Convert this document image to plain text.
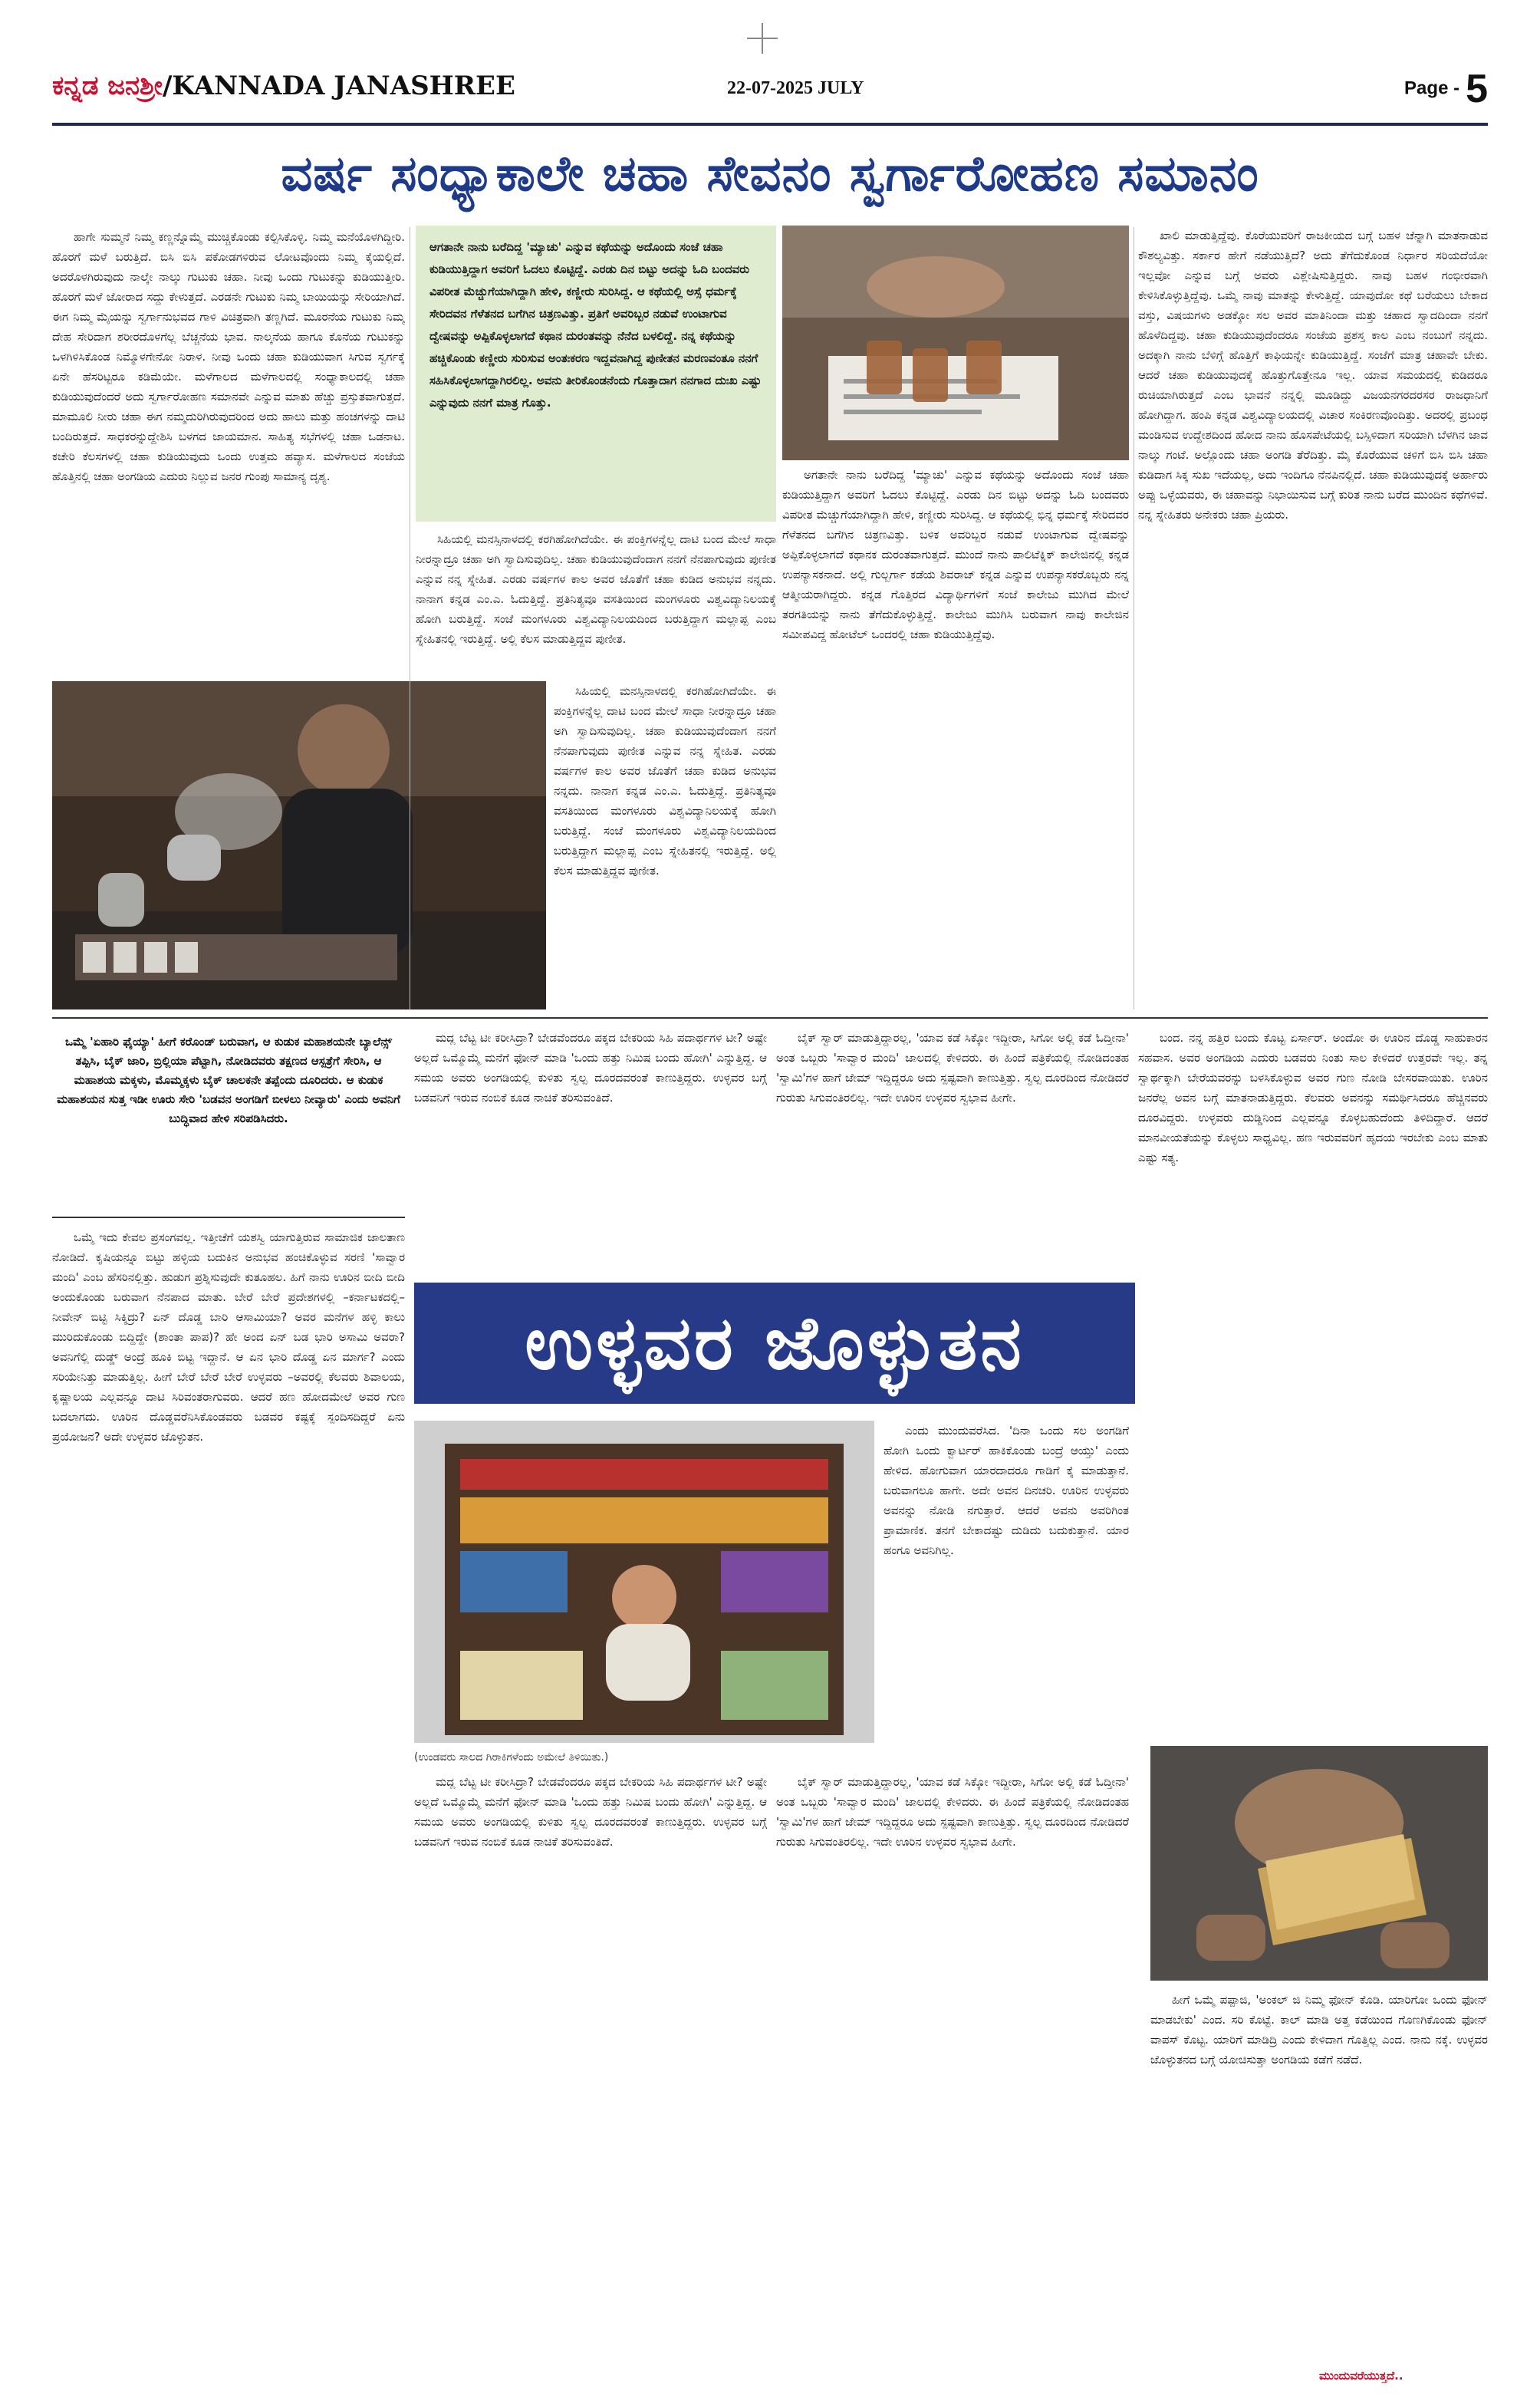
ಕನ್ನಡ ಜನಶ್ರೀ/KANNADA JANASHREE	22-07-2025 JULY	Page - 5
ವರ್ಷ ಸಂಧ್ಯಾಕಾಲೇ ಚಹಾ ಸೇವನಂ ಸ್ವರ್ಗಾರೋಹಣ ಸಮಾನಂ

ಹಾಗೇ ಸುಮ್ಮನೆ ನಿಮ್ಮ ಕಣ್ಣನ್ನೊಮ್ಮೆ ಮುಚ್ಚಿಕೊಂಡು ಕಲ್ಪಿಸಿಕೊಳ್ಳಿ. ನಿಮ್ಮ ಮನೆಯೊಳಗಿದ್ದೀರಿ. ಹೊರಗೆ ಮಳೆ ಬರುತ್ತಿದೆ. ಬಿಸಿ ಬಿಸಿ ಪಕೋಡಗಳಿರುವ ಲೋಟವೊಂದು ನಿಮ್ಮ ಕೈಯಲ್ಲಿದೆ. ಅದರೊಳಗಿರುವುದು ನಾಲ್ಕೇ ನಾಲ್ಕು ಗುಟುಕು ಚಹಾ. ನೀವು ಒಂದು ಗುಟುಕನ್ನು ಕುಡಿಯುತ್ತೀರಿ. ಹೊರಗೆ ಮಳೆ ಜೋರಾದ ಸದ್ದು ಕೇಳುತ್ತದೆ. ಎರಡನೇ ಗುಟುಕು ನಿಮ್ಮ ಬಾಯಿಯನ್ನು ಸೇರಿಯಾಗಿದೆ. ಈಗ ನಿಮ್ಮ ಮೈಯನ್ನು ಸ್ವರ್ಗಾನುಭವದ ಗಾಳಿ ವಿಚಿತ್ರವಾಗಿ ತಣ್ಣಗಿದೆ. ಮೂರನೆಯ ಗುಟುಕು ನಿಮ್ಮ ದೇಹ ಸೇರಿದಾಗ ಶರೀರದೊಳಗೆಲ್ಲ ಬೆಚ್ಚನೆಯ ಭಾವ. ನಾಲ್ಕನೆಯ ಹಾಗೂ ಕೊನೆಯ ಗುಟುಕನ್ನು ಒಳಗಿಳಿಸಿಕೊಂಡ ನಿಮ್ಮೊಳಗೇನೋ ನಿರಾಳ. ನೀವು ಒಂದು ಚಹಾ ಕುಡಿಯುವಾಗ ಸಿಗುವ ಸ್ವರ್ಗಕ್ಕೆ ಏನೇ ಹೆಸರಿಟ್ಟರೂ ಕಡಿಮೆಯೇ. ಮಳೆಗಾಲದ ಮಳೆಗಾಲದಲ್ಲಿ ಸಂಧ್ಯಾಕಾಲದಲ್ಲಿ ಚಹಾ ಕುಡಿಯುವುದೆಂದರೆ ಅದು ಸ್ವರ್ಗಾರೋಹಣ ಸಮಾನವೇ ಎನ್ನುವ ಮಾತು ಹೆಚ್ಚು ಪ್ರಸ್ತುತವಾಗುತ್ತದೆ. ಮಾಮೂಲಿ ನೀರು ಚಹಾ ಈಗ ನಮ್ಮದುರಿಗಿರುವುದರಿಂದ ಅದು ಹಾಲು ಮತ್ತು ಹಂಚಗಳನ್ನು ದಾಟಿ ಬಂದಿರುತ್ತದೆ. ಸಾಧಕರನ್ನುದ್ದೇಶಿಸಿ ಬಳಗದ ಜಾಯಮಾನ. ಸಾಹಿತ್ಯ ಸಭೆಗಳಲ್ಲಿ ಚಹಾ ಒಡನಾಟ. ಕಚೇರಿ ಕೆಲಸಗಳಲ್ಲಿ ಚಹಾ ಕುಡಿಯುವುದು ಒಂದು ಉತ್ತಮ ಹವ್ಯಾಸ. ಮಳೆಗಾಲದ ಸಂಜೆಯ ಹೊತ್ತಿನಲ್ಲಿ ಚಹಾ ಅಂಗಡಿಯ ಎದುರು ನಿಲ್ಲುವ ಜನರ ಗುಂಪು ಸಾಮಾನ್ಯ ದೃಶ್ಯ.

ಆಗತಾನೇ ನಾನು ಬರೆದಿದ್ದ 'ಮ್ಯಾಚು' ಎನ್ನುವ ಕಥೆಯನ್ನು ಅದೊಂದು ಸಂಜೆ ಚಹಾ ಕುಡಿಯುತ್ತಿದ್ದಾಗ ಅವರಿಗೆ ಓದಲು ಕೊಟ್ಟಿದ್ದೆ. ಎರಡು ದಿನ ಬಿಟ್ಟು ಅದನ್ನು ಓದಿ ಬಂದವರು ವಿಪರೀತ ಮೆಚ್ಚುಗೆಯಾಗಿದ್ದಾಗಿ ಹೇಳಿ, ಕಣ್ಣೀರು ಸುರಿಸಿದ್ದ. ಆ ಕಥೆಯಲ್ಲಿ ಅಸ್ಸೆ ಧರ್ಮಕ್ಕೆ ಸೇರಿದವನ ಗೆಳೆತನದ ಬಗೆಗಿನ ಚಿತ್ರಣವಿತ್ತು. ಪ್ರತಿಗೆ ಅವರಿಬ್ಬರ ನಡುವೆ ಉಂಟಾಗುವ ದ್ವೇಷವನ್ನು ಅಪ್ಪಿಕೊಳ್ಳಲಾಗದೆ ಕಥಾನ ದುರಂತವನ್ನು ನೆನೆದ ಬಳಲಿದ್ದೆ. ನನ್ನ ಕಥೆಯನ್ನು ಹಚ್ಚಿಕೊಂಡು ಕಣ್ಣೀರು ಸುರಿಸುವ ಅಂತಃಕರಣ ಇದ್ದವನಾಗಿದ್ದ ಪುಣೀತನ ಮರಣವಂತೂ ನನಗೆ ಸಹಿಸಿಕೊಳ್ಳಲಾಗದ್ದಾಗಿರಲಿಲ್ಲ. ಅವನು ತೀರಿಕೊಂಡನೆಂದು ಗೊತ್ತಾದಾಗ ನನಗಾದ ದುಃಖ ಎಷ್ಟು ಎನ್ನುವುದು ನನಗೆ ಮಾತ್ರ ಗೊತ್ತು.

ಸಿಹಿಯಲ್ಲಿ ಮನಸ್ಸಿನಾಳದಲ್ಲಿ ಕರಗಿಹೋಗಿದೆಯೇ. ಈ ಪಂಕ್ತಿಗಳನ್ನೆಲ್ಲ ದಾಟಿ ಬಂದ ಮೇಲೆ ಸಾಧಾ ನೀರನ್ನಾದ್ರೂ ಚಹಾ ಅಗಿ ಸ್ವಾದಿಸುವುದಿಲ್ಲ. ಚಹಾ ಕುಡಿಯುವುದೆಂದಾಗ ನನಗೆ ನೆನಪಾಗುವುದು ಪುಣೀತ ಎನ್ನುವ ನನ್ನ ಸ್ನೇಹಿತ. ಎರಡು ವರ್ಷಗಳ ಕಾಲ ಅವರ ಜೊತೆಗೆ ಚಹಾ ಕುಡಿದ ಅನುಭವ ನನ್ನದು. ನಾನಾಗ ಕನ್ನಡ ಎಂ.ಎ. ಓದುತ್ತಿದ್ದೆ. ಪ್ರತಿನಿತ್ಯವೂ ವಸತಿಯಿಂದ ಮಂಗಳೂರು ವಿಶ್ವವಿದ್ಯಾನಿಲಯಕ್ಕೆ ಹೋಗಿ ಬರುತ್ತಿದ್ದೆ. ಸಂಜೆ ಮಂಗಳೂರು ವಿಶ್ವವಿದ್ಯಾನಿಲಯದಿಂದ ಬರುತ್ತಿದ್ದಾಗ ಮಲ್ಲಾಪ್ಪ ಎಂಬ ಸ್ನೇಹಿತನಲ್ಲಿ ಇರುತ್ತಿದ್ದೆ. ಅಲ್ಲಿ ಕೆಲಸ ಮಾಡುತ್ತಿದ್ದವ ಪುಣೀತ.

ಸಿಹಿಯಲ್ಲಿ ಮನಸ್ಸಿನಾಳದಲ್ಲಿ ಕರಗಿಹೋಗಿದೆಯೇ. ಈ ಪಂಕ್ತಿಗಳನ್ನೆಲ್ಲ ದಾಟಿ ಬಂದ ಮೇಲೆ ಸಾಧಾ ನೀರನ್ನಾದ್ರೂ ಚಹಾ ಅಗಿ ಸ್ವಾದಿಸುವುದಿಲ್ಲ. ಚಹಾ ಕುಡಿಯುವುದೆಂದಾಗ ನನಗೆ ನೆನಪಾಗುವುದು ಪುಣೀತ ಎನ್ನುವ ನನ್ನ ಸ್ನೇಹಿತ. ಎರಡು ವರ್ಷಗಳ ಕಾಲ ಅವರ ಜೊತೆಗೆ ಚಹಾ ಕುಡಿದ ಅನುಭವ ನನ್ನದು. ನಾನಾಗ ಕನ್ನಡ ಎಂ.ಎ. ಓದುತ್ತಿದ್ದೆ. ಪ್ರತಿನಿತ್ಯವೂ ವಸತಿಯಿಂದ ಮಂಗಳೂರು ವಿಶ್ವವಿದ್ಯಾನಿಲಯಕ್ಕೆ ಹೋಗಿ ಬರುತ್ತಿದ್ದೆ. ಸಂಜೆ ಮಂಗಳೂರು ವಿಶ್ವವಿದ್ಯಾನಿಲಯದಿಂದ ಬರುತ್ತಿದ್ದಾಗ ಮಲ್ಲಾಪ್ಪ ಎಂಬ ಸ್ನೇಹಿತನಲ್ಲಿ ಇರುತ್ತಿದ್ದೆ. ಅಲ್ಲಿ ಕೆಲಸ ಮಾಡುತ್ತಿದ್ದವ ಪುಣೀತ.

ಅಗತಾನೇ ನಾನು ಬರೆದಿದ್ದ 'ಮ್ಯಾಚು' ಎನ್ನುವ ಕಥೆಯನ್ನು ಅದೊಂದು ಸಂಜೆ ಚಹಾ ಕುಡಿಯುತ್ತಿದ್ದಾಗ ಅವರಿಗೆ ಓದಲು ಕೊಟ್ಟಿದ್ದೆ. ಎರಡು ದಿನ ಬಿಟ್ಟು ಅದನ್ನು ಓದಿ ಬಂದವರು ವಿಪರೀತ ಮೆಚ್ಚುಗೆಯಾಗಿದ್ದಾಗಿ ಹೇಳಿ, ಕಣ್ಣೀರು ಸುರಿಸಿದ್ದ. ಆ ಕಥೆಯಲ್ಲಿ ಭಿನ್ನ ಧರ್ಮಕ್ಕೆ ಸೇರಿದವರ ಗೆಳೆತನದ ಬಗೆಗಿನ ಚಿತ್ರಣವಿತ್ತು. ಬಳಿಕ ಅವರಿಬ್ಬರ ನಡುವೆ ಉಂಟಾಗುವ ದ್ವೇಷವನ್ನು ಅಪ್ಪಿಕೊಳ್ಳಲಾಗದೆ ಕಥಾನಕ ದುರಂತವಾಗುತ್ತದೆ. ಮುಂದೆ ನಾನು ಪಾಲಿಟೆಕ್ನಿಕ್ ಕಾಲೇಜಿನಲ್ಲಿ ಕನ್ನಡ ಉಪನ್ಯಾಸಕನಾದೆ. ಅಲ್ಲಿ ಗುಲ್ಬರ್ಗಾ ಕಡೆಯ ಶಿವರಾಜ್ ಕನ್ನಡ ಎನ್ನುವ ಉಪನ್ಯಾಸಕರೊಬ್ಬರು ನನ್ನ ಆತ್ಮೀಯರಾಗಿದ್ದರು. ಕನ್ನಡ ಗೊತ್ತಿರದ ವಿದ್ಯಾರ್ಥಿಗಳಿಗೆ ಸಂಜೆ ಕಾಲೇಜು ಮುಗಿದ ಮೇಲೆ ತರಗತಿಯನ್ನು ನಾನು ತೆಗೆದುಕೊಳ್ಳುತ್ತಿದ್ದೆ. ಕಾಲೇಜು ಮುಗಿಸಿ ಬರುವಾಗ ನಾವು ಕಾಲೇಜಿನ ಸಮೀಪವಿದ್ದ ಹೋಟೆಲ್ ಒಂದರಲ್ಲಿ ಚಹಾ ಕುಡಿಯುತ್ತಿದ್ದೆವು.

ಖಾಲಿ ಮಾಡುತ್ತಿದ್ದೆವು. ಕೊರೆಯುವರಿಗೆ ರಾಜಕೀಯದ ಬಗ್ಗೆ ಬಹಳ ಚೆನ್ನಾಗಿ ಮಾತನಾಡುವ ಕೌಶಲ್ಯವಿತ್ತು. ಸರ್ಕಾರ ಹೇಗೆ ನಡೆಯುತ್ತಿದೆ? ಅದು ತೆಗೆದುಕೊಂಡ ನಿರ್ಧಾರ ಸರಿಯದೆಯೋ ಇಲ್ಲವೋ ಎನ್ನುವ ಬಗ್ಗೆ ಅವರು ವಿಶ್ಲೇಷಿಸುತ್ತಿದ್ದರು. ನಾವು ಬಹಳ ಗಂಭೀರವಾಗಿ ಕೇಳಿಸಿಕೊಳ್ಳುತ್ತಿದ್ದೆವು. ಒಮ್ಮೆ ನಾವು ಮಾತನ್ನು ಕೇಳುತ್ತಿದ್ದೆ. ಯಾವುದೋ ಕಥೆ ಬರೆಯಲು ಬೇಕಾದ ವಸ್ತು, ವಿಷಯಗಳು ಅಡಕ್ಕೋ ಸಲ ಅವರ ಮಾತಿನಿಂದಾ ಮತ್ತು ಚಹಾದ ಸ್ವಾದದಿಂದಾ ನನಗೆ ಹೊಳೆದಿದ್ದವು. ಚಹಾ ಕುಡಿಯುವುದೆಂದರೂ ಸಂಜೆಯ ಪ್ರಶಸ್ತ ಕಾಲ ಎಂಬ ನಂಬುಗೆ ನನ್ನದು. ಅದಕ್ಕಾಗಿ ನಾನು ಬೆಳಿಗ್ಗೆ ಹೊತ್ತಿಗೆ ಕಾಫಿಯನ್ನೇ ಕುಡಿಯುತ್ತಿದ್ದೆ. ಸಂಜೆಗೆ ಮಾತ್ರ ಚಹಾವೇ ಬೇಕು. ಆದರೆ ಚಹಾ ಕುಡಿಯುವುದಕ್ಕೆ ಹೊತ್ತುಗೊತ್ತೇನೂ ಇಲ್ಲ. ಯಾವ ಸಮಯದಲ್ಲಿ ಕುಡಿದರೂ ರುಚಿಯಾಗಿರುತ್ತದೆ ಎಂಬ ಭಾವನೆ ನನ್ನಲ್ಲಿ ಮೂಡಿದ್ದು ವಿಜಯನಗರದರಸರ ರಾಜಧಾನಿಗೆ ಹೋಗಿದ್ದಾಗ. ಹಂಪಿ ಕನ್ನಡ ವಿಶ್ವವಿದ್ಯಾಲಯದಲ್ಲಿ ವಿಚಾರ ಸಂಕಿರಣವೊಂದಿತ್ತು. ಅದರಲ್ಲಿ ಪ್ರಬಂಧ ಮಂಡಿಸುವ ಉದ್ದೇಶದಿಂದ ಹೋದ ನಾನು ಹೊಸಪೇಟೆಯಲ್ಲಿ ಬಸ್ಸಿಳಿದಾಗ ಸರಿಯಾಗಿ ಬೆಳಗಿನ ಜಾವ ನಾಲ್ಕು ಗಂಟೆ. ಅಲ್ಲೊಂದು ಚಹಾ ಅಂಗಡಿ ತೆರೆದಿತ್ತು. ಮೈ ಕೊರೆಯುವ ಚಳಿಗೆ ಬಿಸಿ ಬಿಸಿ ಚಹಾ ಕುಡಿದಾಗ ಸಿಕ್ಕ ಸುಖ ಇದೆಯಲ್ಲ, ಅದು ಇಂದಿಗೂ ನೆನಪಿನಲ್ಲಿದೆ. ಚಹಾ ಕುಡಿಯುವುದಕ್ಕೆ ಅರ್ಹಾರು ಅಪ್ಪು ಒಳ್ಳೆಯವರು, ಈ ಚಹಾವನ್ನು ನಿಭಾಯಿಸುವ ಬಗ್ಗೆ ಕುರಿತ ನಾನು ಬರೆದ ಮುಂದಿನ ಕಥೆಗಳಿವೆ. ನನ್ನ ಸ್ನೇಹಿತರು ಅನೇಕರು ಚಹಾ ಪ್ರಿಯರು.

ಒಮ್ಮೆ 'ಏಹಾರಿ ಫೈಯ್ಯಾ' ಹೀಗೆ ಕರೊಂಡ್ ಬರುವಾಗ, ಆ ಕುಡುಕ ಮಹಾಶಯನೇ ಬ್ಯಾಲೆನ್ಸ್ ತಪ್ಪಿಸಿ, ಬೈಕ್ ಜಾರಿ, ಬ್ರಿಲ್ಲಿಯಾ ಪೆಟ್ಟಾಗಿ, ನೋಡಿದವರು ತಕ್ಷಣದ ಆಸ್ಪತ್ರೆಗೆ ಸೇರಿಸಿ, ಆ ಮಹಾಶಯ ಮಕ್ಕಳು, ಮೊಮ್ಮಕ್ಕಳು ಬೈಕ್ ಚಾಲಕನೇ ತಪ್ಪೆಂದು ದೂರಿದರು. ಆ ಕುಡುಕ ಮಹಾಶಯನ ಸುತ್ತ ಇಡೀ ಊರು ಸೇರಿ 'ಬಡವನ ಅಂಗಡಿಗೆ ಬೀಳಲು ನೀವ್ಯಾರು' ಎಂದು ಅವನಿಗೆ ಬುದ್ಧಿವಾದ ಹೇಳಿ ಸರಿಪಡಿಸಿದರು.

ಒಮ್ಮೆ ಇದು ಕೇವಲ ಪ್ರಸಂಗವಲ್ಲ. ಇತ್ತೀಚೆಗೆ ಯಶಸ್ವಿ ಯಾಗುತ್ತಿರುವ ಸಾಮಾಜಿಕ ಜಾಲತಾಣ ನೋಡಿದೆ. ಕೃಷಿಯನ್ನೂ ಬಿಟ್ಟು ಹಳ್ಳಿಯ ಬದುಕಿನ ಅನುಭವ ಹಂಚಿಕೊಳ್ಳುವ ಸರಣಿ 'ಸಾವ್ವಾರ ಮಂದಿ' ಎಂಬ ಹೆಸರಿನಲ್ಲಿತ್ತು. ಹುಡುಗ ಪ್ರಶ್ನಿಸುವುದೇ ಕುತೂಹಲ. ಹಿಗೆ ನಾನು ಊರಿನ ಬೀದಿ ಬೀದಿ ಅಂದುಕೊಂಡು ಬರುವಾಗ ನೆನಪಾದ ಮಾತು. ಬೇರೆ ಬೇರೆ ಪ್ರದೇಶಗಳಲ್ಲಿ –ಕರ್ನಾಟಕದಲ್ಲಿ– ನೀವೇನ್ ಬಿಟ್ಟಿ ಸಿಕ್ಕಿದ್ರು? ಏನ್ ದೊಡ್ಡ ಬಾರಿ ಆಸಾಮಿಯಾ? ಅವರ ಮನೆಗಳ ಹಳ್ಳಿ ಕಾಲು ಮುರಿದುಕೊಂಡು ಬಿದ್ದಿದ್ದೇ (ಶಾಂತಾ ಪಾಪ)? ಹೇ ಅಂದ ಏನ್ ಬಡ ಭಾರಿ ಅಸಾಮಿ ಅವರಾ? ಅವನಿಗೆಲ್ಲಿ ದುಡ್ಡ್ ಅಂದ್ರೆ ಹೂಕಿ ಬಿಟ್ಟ ಇದ್ದಾನೆ. ಆ ಏನ ಭಾರಿ ದೊಡ್ಡ ಏನ ಮಾರ್ಗ? ಎಂದು ಸರಿಯೇನಿತ್ತು ಮಾಡುತ್ತಿಲ್ಲ. ಹೀಗೆ ಬೇರೆ ಬೇರೆ ಬೇರೆ ಉಳ್ಳವರು –ಅವರಲ್ಲಿ ಕೆಲವರು ಶಿವಾಲಯ, ಕೃಷ್ಣಾಲಯ ಎಲ್ಲವನ್ನೂ ದಾಟಿ ಸಿರಿವಂತರಾಗುವರು. ಆದರೆ ಹಣ ಹೋದಮೇಲೆ ಅವರ ಗುಣ ಬದಲಾಗದು. ಊರಿನ ದೊಡ್ಡವರೆನಿಸಿಕೊಂಡವರು ಬಡವರ ಕಷ್ಟಕ್ಕೆ ಸ್ಪಂದಿಸದಿದ್ದರೆ ಏನು ಪ್ರಯೋಜನ? ಅದೇ ಉಳ್ಳವರ ಜೊಳ್ಳುತನ.

ಮದ್ಲ ಬೆಟ್ಟ ಟೀ ಕರೀಸಿದ್ರಾ? ಬೇಡವೆಂದರೂ ಪಕ್ಕದ ಬೇಕರಿಯ ಸಿಹಿ ಪದಾರ್ಥಗಳ ಟೀ? ಅಷ್ಟೇ ಅಲ್ಲದೆ ಒಮ್ಮೊಮ್ಮೆ ಮನೆಗೆ ಫೋನ್ ಮಾಡಿ 'ಒಂದು ಹತ್ತು ನಿಮಿಷ ಬಂದು ಹೋಗಿ' ಎನ್ನುತ್ತಿದ್ದ. ಆ ಸಮಯ ಅವರು ಅಂಗಡಿಯಲ್ಲಿ ಕುಳಿತು ಸ್ವಲ್ಪ ದೂರದವರಂತೆ ಕಾಣುತ್ತಿದ್ದರು. ಉಳ್ಳವರ ಬಗ್ಗೆ ಬಡವನಿಗೆ ಇರುವ ನಂಬಿಕೆ ಕೂಡ ನಾಚಿಕೆ ತರಿಸುವಂತಿದೆ.

ಬೈಕ್ ಸ್ವಾರ್ ಮಾಡುತ್ತಿದ್ದಾರಲ್ಲ, 'ಯಾವ ಕಡೆ ಸಿಕ್ಕೋ ಇದ್ದೀರಾ, ಸಿಗೋ ಅಲ್ಲಿ ಕಡೆ ಓದ್ತೀನಾ' ಅಂತ ಒಬ್ಬರು 'ಸಾವ್ವಾರ ಮಂದಿ' ಜಾಲದಲ್ಲಿ ಕೇಳಿದರು. ಈ ಹಿಂದೆ ಪತ್ರಿಕೆಯಲ್ಲಿ ನೋಡಿದಂತಹ 'ಸ್ವಾಮಿ'ಗಳ ಹಾಗೆ ಜೇಮ್ ಇದ್ದಿದ್ದರೂ ಅದು ಸ್ಪಷ್ಟವಾಗಿ ಕಾಣುತ್ತಿತ್ತು. ಸ್ವಲ್ಪ ದೂರದಿಂದ ನೋಡಿದರೆ ಗುರುತು ಸಿಗುವಂತಿರಲಿಲ್ಲ. ಇದೇ ಊರಿನ ಉಳ್ಳವರ ಸ್ವಭಾವ ಹೀಗೇ.

ಬಂದ. ನನ್ನ ಹತ್ತಿರ ಬಂದು ಕೊಟ್ಟ ಏರ್ಸಾರ್. ಅಂದೋ ಈ ಊರಿನ ದೊಡ್ಡ ಸಾಹುಕಾರನ ಸಹವಾಸ. ಅವರ ಅಂಗಡಿಯ ಎದುರು ಬಡವರು ನಿಂತು ಸಾಲ ಕೇಳಿದರೆ ಉತ್ತರವೇ ಇಲ್ಲ. ತನ್ನ ಸ್ವಾರ್ಥಕ್ಕಾಗಿ ಬೇರೆಯವರನ್ನು ಬಳಸಿಕೊಳ್ಳುವ ಅವರ ಗುಣ ನೋಡಿ ಬೇಸರವಾಯಿತು. ಊರಿನ ಜನರೆಲ್ಲ ಅವನ ಬಗ್ಗೆ ಮಾತನಾಡುತ್ತಿದ್ದರು. ಕೆಲವರು ಅವನನ್ನು ಸಮರ್ಥಿಸಿದರೂ ಹೆಚ್ಚಿನವರು ದೂರವಿದ್ದರು. ಉಳ್ಳವರು ದುಡ್ಡಿನಿಂದ ಎಲ್ಲವನ್ನೂ ಕೊಳ್ಳಬಹುದೆಂದು ತಿಳಿದಿದ್ದಾರೆ. ಆದರೆ ಮಾನವೀಯತೆಯನ್ನು ಕೊಳ್ಳಲು ಸಾಧ್ಯವಿಲ್ಲ. ಹಣ ಇರುವವರಿಗೆ ಹೃದಯ ಇರಬೇಕು ಎಂಬ ಮಾತು ಎಷ್ಟು ಸತ್ಯ.

ಉಳ್ಳವರ ಜೊಳ್ಳುತನ

ಎಂದು ಮುಂದುವರೆಸಿದ. 'ದಿನಾ ಒಂದು ಸಲ ಅಂಗಡಿಗೆ ಹೋಗಿ ಒಂದು ಕ್ವಾರ್ಟರ್ ಹಾಕಿಕೊಂಡು ಬಂದ್ರೆ ಆಯ್ತು' ಎಂದು ಹೇಳಿದ. ಹೋಗುವಾಗ ಯಾರದಾದರೂ ಗಾಡಿಗೆ ಕೈ ಮಾಡುತ್ತಾನೆ. ಬರುವಾಗಲೂ ಹಾಗೇ. ಅದೇ ಅವನ ದಿನಚರಿ. ಊರಿನ ಉಳ್ಳವರು ಅವನನ್ನು ನೋಡಿ ನಗುತ್ತಾರೆ. ಆದರೆ ಅವನು ಅವರಿಗಿಂತ ಪ್ರಾಮಾಣಿಕ. ತನಗೆ ಬೇಕಾದಷ್ಟು ದುಡಿದು ಬದುಕುತ್ತಾನೆ. ಯಾರ ಹಂಗೂ ಅವನಿಗಿಲ್ಲ.

(ಉಂಡವರು ಸಾಲದ ಗಿರಾಕಿಗಳೆಂದು ಅಮೇಲೆ ತಿಳಿಯಿತು.)

ಮದ್ಲ ಬೆಟ್ಟ ಟೀ ಕರೀಸಿದ್ರಾ? ಬೇಡವೆಂದರೂ ಪಕ್ಕದ ಬೇಕರಿಯ ಸಿಹಿ ಪದಾರ್ಥಗಳ ಟೀ? ಅಷ್ಟೇ ಅಲ್ಲದೆ ಒಮ್ಮೊಮ್ಮೆ ಮನೆಗೆ ಫೋನ್ ಮಾಡಿ 'ಒಂದು ಹತ್ತು ನಿಮಿಷ ಬಂದು ಹೋಗಿ' ಎನ್ನುತ್ತಿದ್ದ. ಆ ಸಮಯ ಅವರು ಅಂಗಡಿಯಲ್ಲಿ ಕುಳಿತು ಸ್ವಲ್ಪ ದೂರದವರಂತೆ ಕಾಣುತ್ತಿದ್ದರು. ಉಳ್ಳವರ ಬಗ್ಗೆ ಬಡವನಿಗೆ ಇರುವ ನಂಬಿಕೆ ಕೂಡ ನಾಚಿಕೆ ತರಿಸುವಂತಿದೆ.

ಬೈಕ್ ಸ್ವಾರ್ ಮಾಡುತ್ತಿದ್ದಾರಲ್ಲ, 'ಯಾವ ಕಡೆ ಸಿಕ್ಕೋ ಇದ್ದೀರಾ, ಸಿಗೋ ಅಲ್ಲಿ ಕಡೆ ಓದ್ತೀನಾ' ಅಂತ ಒಬ್ಬರು 'ಸಾವ್ವಾರ ಮಂದಿ' ಜಾಲದಲ್ಲಿ ಕೇಳಿದರು. ಈ ಹಿಂದೆ ಪತ್ರಿಕೆಯಲ್ಲಿ ನೋಡಿದಂತಹ 'ಸ್ವಾಮಿ'ಗಳ ಹಾಗೆ ಜೇಮ್ ಇದ್ದಿದ್ದರೂ ಅದು ಸ್ಪಷ್ಟವಾಗಿ ಕಾಣುತ್ತಿತ್ತು. ಸ್ವಲ್ಪ ದೂರದಿಂದ ನೋಡಿದರೆ ಗುರುತು ಸಿಗುವಂತಿರಲಿಲ್ಲ. ಇದೇ ಊರಿನ ಉಳ್ಳವರ ಸ್ವಭಾವ ಹೀಗೇ.

ಹೀಗೆ ಒಮ್ಮೆ ಪಪ್ಪಾಜಿ, 'ಅಂಕಲ್ ಜಿ ನಿಮ್ಮ ಫೋನ್ ಕೊಡಿ. ಯಾರಿಗೋ ಒಂದು ಫೋನ್ ಮಾಡಬೇಕು' ಎಂದ. ಸರಿ ಕೊಟ್ಟೆ. ಕಾಲ್ ಮಾಡಿ ಅತ್ತ ಕಡೆಯಿಂದ ಗೊಣಗಿಕೊಂಡು ಫೋನ್ ವಾಪಸ್ ಕೊಟ್ಟ. ಯಾರಿಗೆ ಮಾಡಿದ್ರಿ ಎಂದು ಕೇಳಿದಾಗ ಗೊತ್ತಿಲ್ಲ ಎಂದ. ನಾನು ನಕ್ಕೆ. ಉಳ್ಳವರ ಜೊಳ್ಳುತನದ ಬಗ್ಗೆ ಯೋಚಿಸುತ್ತಾ ಅಂಗಡಿಯ ಕಡೆಗೆ ನಡೆದೆ.

ಮುಂದುವರೆಯುತ್ತದೆ..
